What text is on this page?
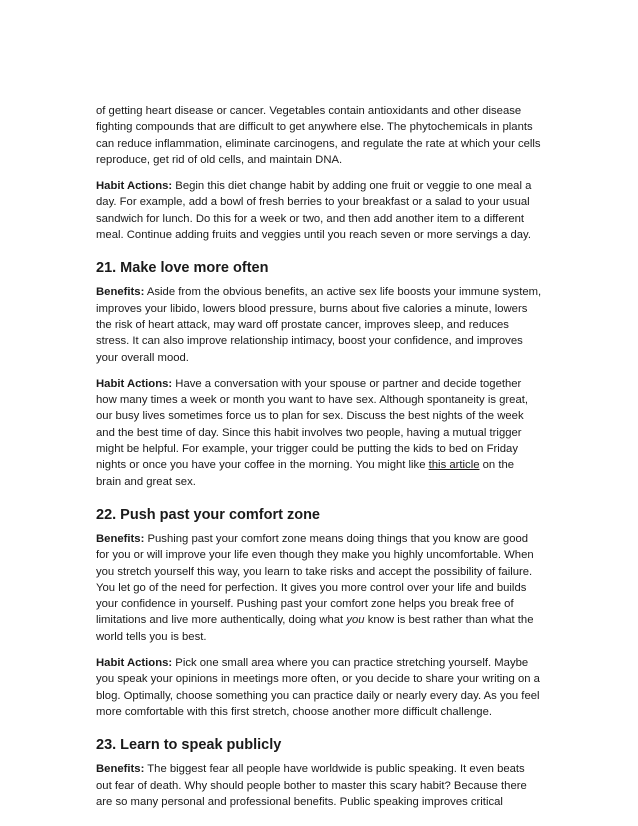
of getting heart disease or cancer. Vegetables contain antioxidants and other disease fighting compounds that are difficult to get anywhere else. The phytochemicals in plants can reduce inflammation, eliminate carcinogens, and regulate the rate at which your cells reproduce, get rid of old cells, and maintain DNA.

Habit Actions: Begin this diet change habit by adding one fruit or veggie to one meal a day. For example, add a bowl of fresh berries to your breakfast or a salad to your usual sandwich for lunch. Do this for a week or two, and then add another item to a different meal. Continue adding fruits and veggies until you reach seven or more servings a day.

21. Make love more often

Benefits: Aside from the obvious benefits, an active sex life boosts your immune system, improves your libido, lowers blood pressure, burns about five calories a minute, lowers the risk of heart attack, may ward off prostate cancer, improves sleep, and reduces stress. It can also improve relationship intimacy, boost your confidence, and improves your overall mood.

Habit Actions: Have a conversation with your spouse or partner and decide together how many times a week or month you want to have sex. Although spontaneity is great, our busy lives sometimes force us to plan for sex. Discuss the best nights of the week and the best time of day. Since this habit involves two people, having a mutual trigger might be helpful. For example, your trigger could be putting the kids to bed on Friday nights or once you have your coffee in the morning. You might like this article on the brain and great sex.

22. Push past your comfort zone

Benefits: Pushing past your comfort zone means doing things that you know are good for you or will improve your life even though they make you highly uncomfortable. When you stretch yourself this way, you learn to take risks and accept the possibility of failure. You let go of the need for perfection. It gives you more control over your life and builds your confidence in yourself. Pushing past your comfort zone helps you break free of limitations and live more authentically, doing what you know is best rather than what the world tells you is best.

Habit Actions: Pick one small area where you can practice stretching yourself. Maybe you speak your opinions in meetings more often, or you decide to share your writing on a blog. Optimally, choose something you can practice daily or nearly every day. As you feel more comfortable with this first stretch, choose another more difficult challenge.

23. Learn to speak publicly

Benefits: The biggest fear all people have worldwide is public speaking. It even beats out fear of death. Why should people bother to master this scary habit? Because there are so many personal and professional benefits. Public speaking improves critical
